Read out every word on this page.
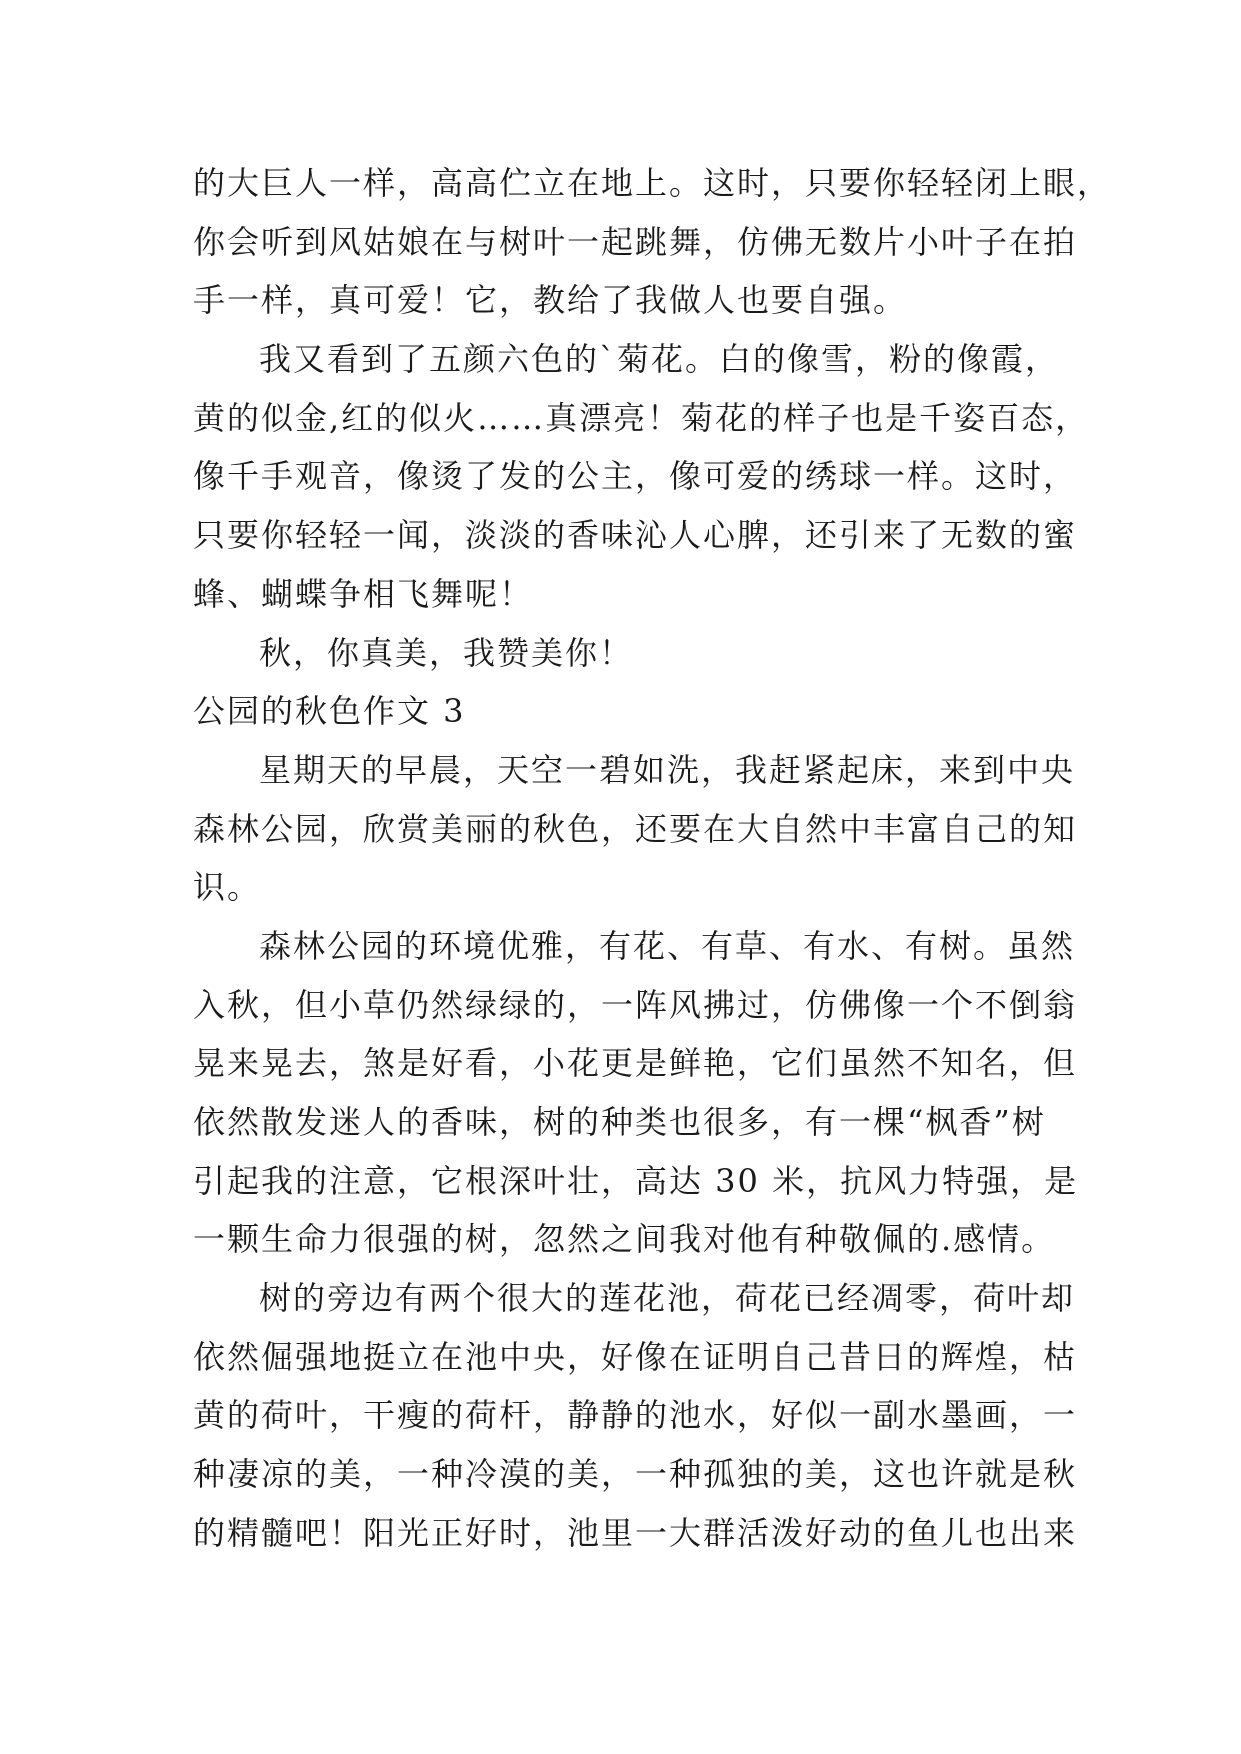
的大巨人一样，高高伫立在地上。这时，只要你轻轻闭上眼，
你会听到风姑娘在与树叶一起跳舞，仿佛无数片小叶子在拍
手一样，真可爱！它，教给了我做人也要自强。
我又看到了五颜六色的`菊花。白的像雪，粉的像霞，
黄的似金,红的似火……真漂亮！菊花的样子也是千姿百态，
像千手观音，像烫了发的公主，像可爱的绣球一样。这时，
只要你轻轻一闻，淡淡的香味沁人心脾，还引来了无数的蜜
蜂、蝴蝶争相飞舞呢！
秋，你真美，我赞美你！
公园的秋色作文 3
星期天的早晨，天空一碧如洗，我赶紧起床，来到中央
森林公园，欣赏美丽的秋色，还要在大自然中丰富自己的知
识。
森林公园的环境优雅，有花、有草、有水、有树。虽然
入秋，但小草仍然绿绿的，一阵风拂过，仿佛像一个不倒翁
晃来晃去，煞是好看，小花更是鲜艳，它们虽然不知名，但
依然散发迷人的香味，树的种类也很多，有一棵“枫香”树
引起我的注意，它根深叶壮，高达 30 米，抗风力特强，是
一颗生命力很强的树，忽然之间我对他有种敬佩的.感情。
树的旁边有两个很大的莲花池，荷花已经凋零，荷叶却
依然倔强地挺立在池中央，好像在证明自己昔日的辉煌，枯
黄的荷叶，干瘦的荷杆，静静的池水，好似一副水墨画，一
种凄凉的美，一种冷漠的美，一种孤独的美，这也许就是秋
的精髓吧！阳光正好时，池里一大群活泼好动的鱼儿也出来
